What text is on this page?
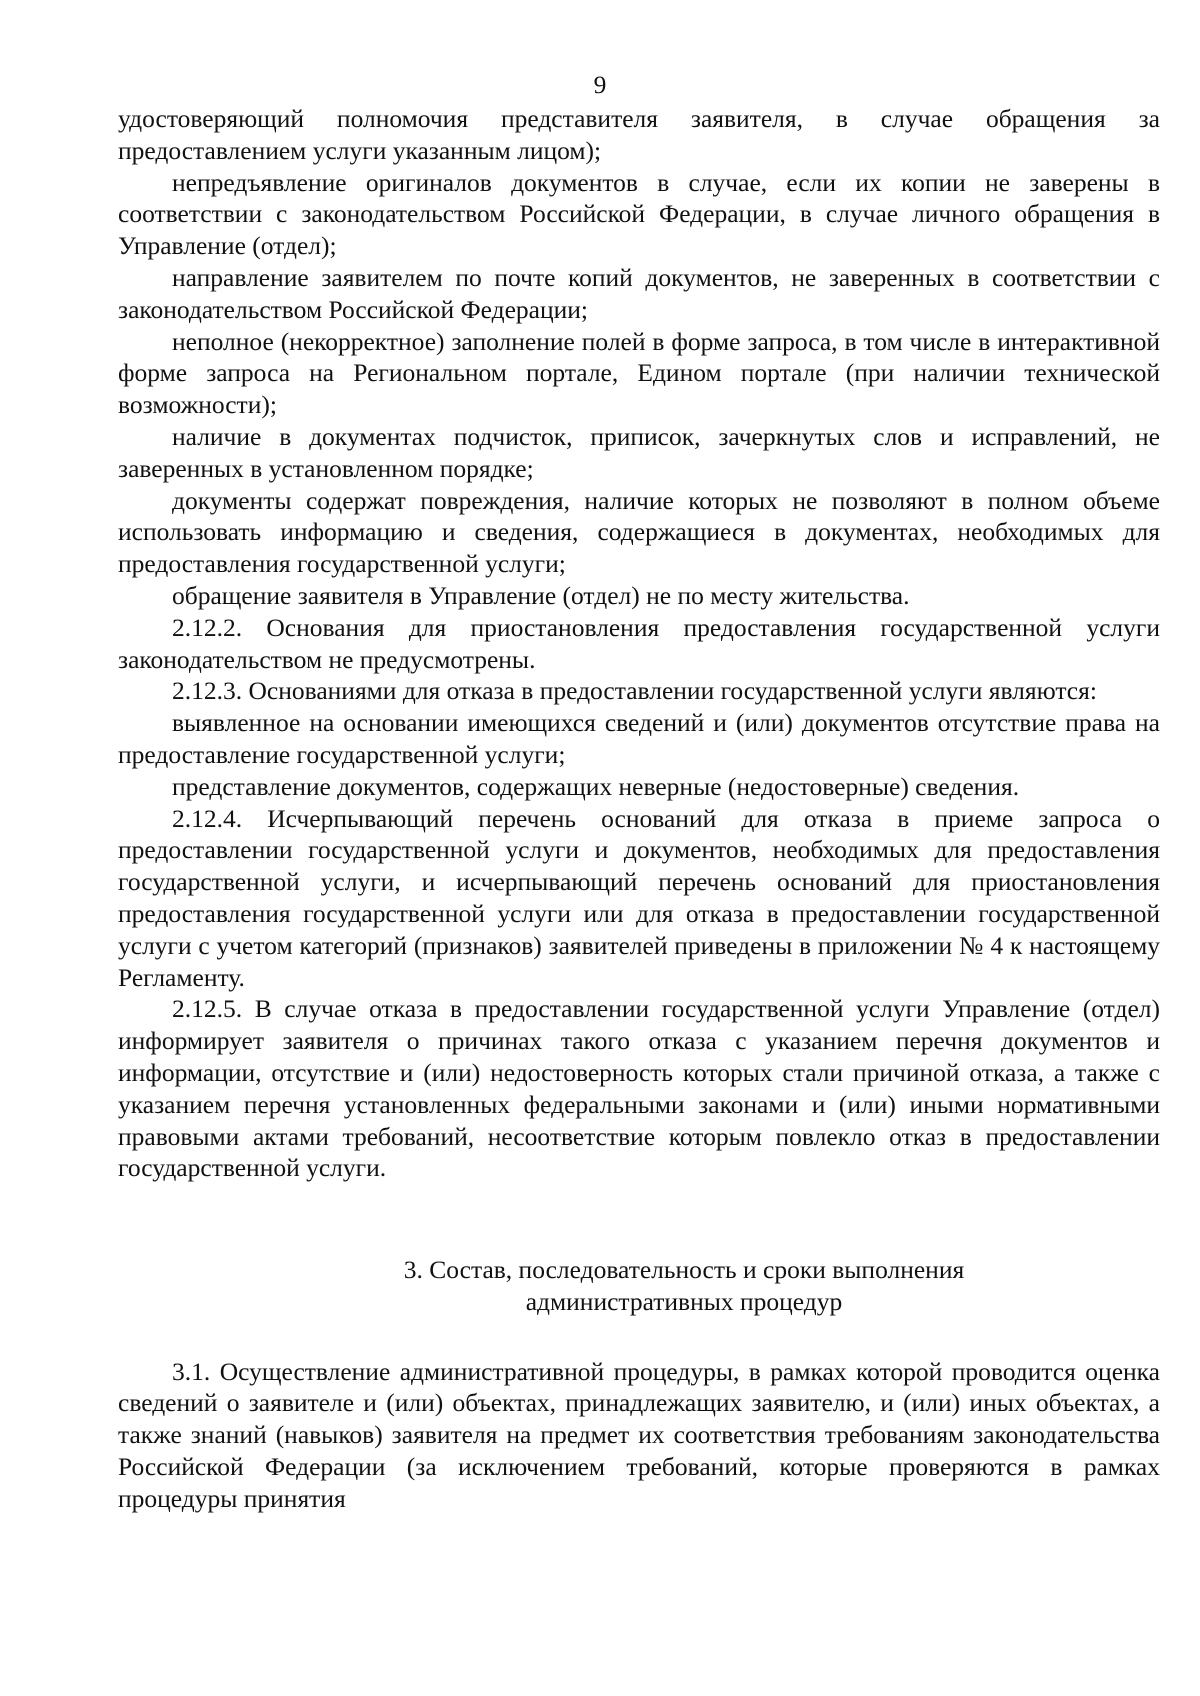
9

удостоверяющий полномочия представителя заявителя, в случае обращения за предоставлением услуги указанным лицом);

непредъявление оригиналов документов в случае, если их копии не заверены в соответствии с законодательством Российской Федерации, в случае личного обращения в Управление (отдел);

направление заявителем по почте копий документов, не заверенных в соответствии с законодательством Российской Федерации;

неполное (некорректное) заполнение полей в форме запроса, в том числе в интерактивной форме запроса на Региональном портале, Едином портале (при наличии технической возможности);

наличие в документах подчисток, приписок, зачеркнутых слов и исправлений, не заверенных в установленном порядке;

документы содержат повреждения, наличие которых не позволяют в полном объеме использовать информацию и сведения, содержащиеся в документах, необходимых для предоставления государственной услуги;

обращение заявителя в Управление (отдел) не по месту жительства.

2.12.2. Основания для приостановления предоставления государственной услуги законодательством не предусмотрены.

2.12.3. Основаниями для отказа в предоставлении государственной услуги являются:

выявленное на основании имеющихся сведений и (или) документов отсутствие права на предоставление государственной услуги;

представление документов, содержащих неверные (недостоверные) сведения.

2.12.4. Исчерпывающий перечень оснований для отказа в приеме запроса о предоставлении государственной услуги и документов, необходимых для предоставления государственной услуги, и исчерпывающий перечень оснований для приостановления предоставления государственной услуги или для отказа в предоставлении государственной услуги с учетом категорий (признаков) заявителей приведены в приложении № 4 к настоящему Регламенту.

2.12.5. В случае отказа в предоставлении государственной услуги Управление (отдел) информирует заявителя о причинах такого отказа с указанием перечня документов и информации, отсутствие и (или) недостоверность которых стали причиной отказа, а также с указанием перечня установленных федеральными законами и (или) иными нормативными правовыми актами требований, несоответствие которым повлекло отказ в предоставлении государственной услуги.

3. Состав, последовательность и сроки выполнения
административных процедур

3.1. Осуществление административной процедуры, в рамках которой проводится оценка сведений о заявителе и (или) объектах, принадлежащих заявителю, и (или) иных объектах, а также знаний (навыков) заявителя на предмет их соответствия требованиям законодательства Российской Федерации (за исключением требований, которые проверяются в рамках процедуры принятия
